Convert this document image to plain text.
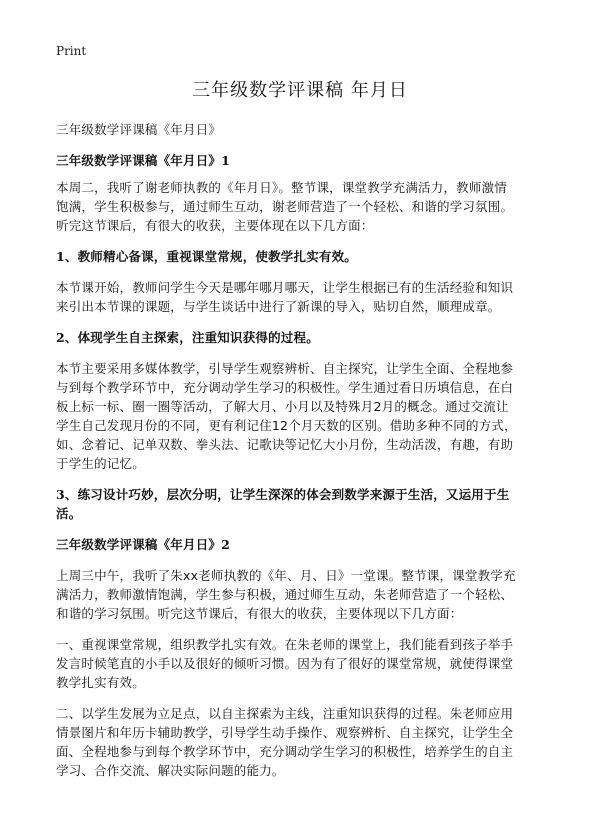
Print
三年级数学评课稿 年月日

三年级数学评课稿《年月日》

三年级数学评课稿《年月日》1

本周二，我听了谢老师执教的《年月日》。整节课，课堂教学充满活力，教师激情

饱满，学生积极参与，通过师生互动，谢老师营造了一个轻松、和谐的学习氛围。

听完这节课后，有很大的收获，主要体现在以下几方面：

1、教师精心备课，重视课堂常规，使教学扎实有效。

本节课开始，教师问学生今天是哪年哪月哪天，让学生根据已有的生活经验和知识

来引出本节课的课题，与学生谈话中进行了新课的导入，贴切自然，顺理成章。

2、体现学生自主探索，注重知识获得的过程。

本节主要采用多媒体教学，引导学生观察辨析、自主探究，让学生全面、全程地参

与到每个教学环节中，充分调动学生学习的积极性。学生通过看日历填信息，在白

板上标一标、圈一圈等活动，了解大月、小月以及特殊月2月的概念。通过交流让

学生自己发现月份的不同，更有利记住12个月天数的区别。借助多种不同的方式，

如、念着记、记单双数、拳头法、记歌诀等记忆大小月份，生动活泼，有趣，有助

于学生的记忆。

3、练习设计巧妙，层次分明，让学生深深的体会到数学来源于生活，又运用于生

活。

三年级数学评课稿《年月日》2

上周三中午，我听了朱xx老师执教的《年、月、日》一堂课。整节课，课堂教学充

满活力，教师激情饱满，学生参与积极，通过师生互动，朱老师营造了一个轻松、

和谐的学习氛围。听完这节课后，有很大的收获，主要体现以下几方面：

一、重视课堂常规，组织教学扎实有效。在朱老师的课堂上，我们能看到孩子举手

发言时候笔直的小手以及很好的倾听习惯。因为有了很好的课堂常规，就使得课堂

教学扎实有效。

二、以学生发展为立足点，以自主探索为主线，注重知识获得的过程。朱老师应用

情景图片和年历卡辅助教学，引导学生动手操作、观察辨析、自主探究，让学生全

面、全程地参与到每个教学环节中，充分调动学生学习的积极性，培养学生的自主

学习、合作交流、解决实际问题的能力。
